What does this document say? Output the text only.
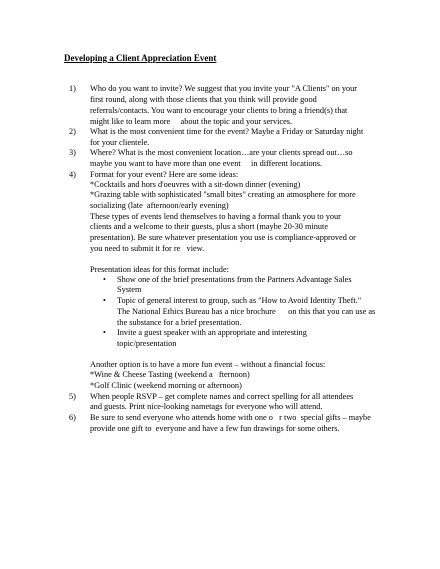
Developing a Client Appreciation Event
1) Who do you want to invite? We suggest that you invite your "A Clients" on your
first round, along with those clients that you think will provide good
referrals/contacts. You want to encourage your clients to bring a friend(s) that
might like to learn more     about the topic and your services.
2) What is the most convenient time for the event? Maybe a Friday or Saturday night
for your clientele.
3) Where? What is the most convenient location…are your clients spread out…so
maybe you want to have more than one event     in different locations.
4) Format for your event? Here are some ideas:
*Cocktails and hors d'oeuvres with a sit-down dinner (evening)
*Grazing table with sophisticated "small bites" creating an atmosphere for more
socializing (late  afternoon/early evening)
These types of events lend themselves to having a formal thank you to your
clients and a welcome to their guests, plus a short (maybe 20-30 minute
presentation). Be sure whatever presentation you use is compliance-approved or
you need to submit it for re   view.
Presentation ideas for this format include:
• Show one of the brief presentations from the Partners Advantage Sales
System
• Topic of general interest to group, such as "How to Avoid Identity Theft."
The National Ethics Bureau has a nice brochure      on this that you can use as
the substance for a brief presentation.
• Invite a guest speaker with an appropriate and interesting
topic/presentation
Another option is to have a more fun event – without a financial focus:
*Wine & Cheese Tasting (weekend a   fternoon)
*Golf Clinic (weekend morning or afternoon)
5) When people RSVP – get complete names and correct spelling for all attendees
and guests. Print nice-looking nametags for everyone who will attend.
6) Be sure to send everyone who attends home with one o   r two  special gifts – maybe
provide one gift to  everyone and have a few fun drawings for some others.
